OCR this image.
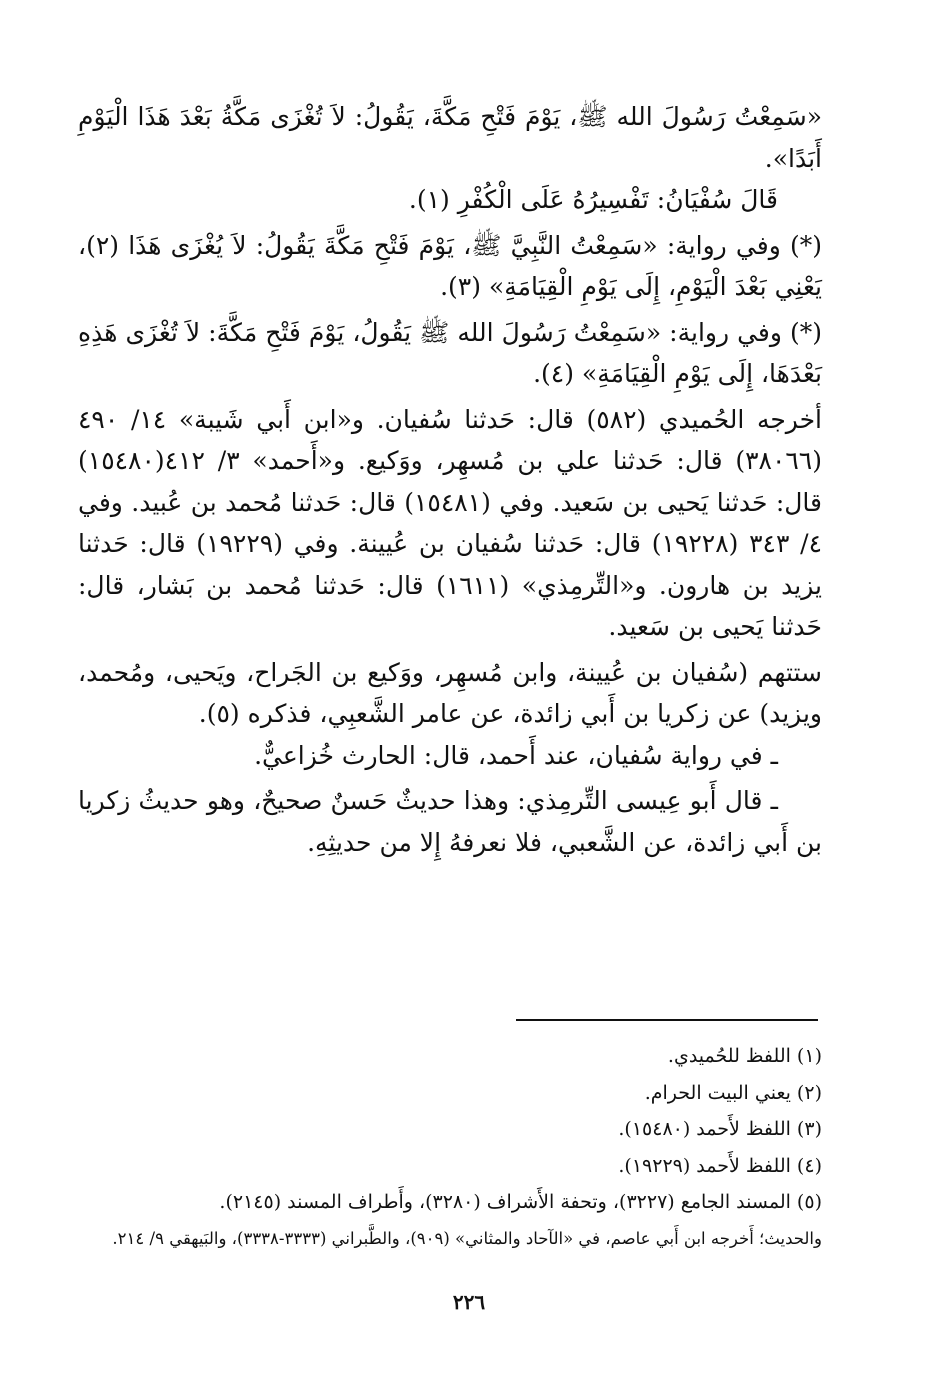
«سَمِعْتُ رَسُولَ الله ﷺ، يَوْمَ فَتْحِ مَكَّةَ، يَقُولُ: لاَ تُغْزَى مَكَّةُ بَعْدَ هَذَا الْيَوْمِ أَبَدًا».

قَالَ سُفْيَانُ: تَفْسِيرُهُ عَلَى الْكُفْرِ (١).

(*) وفي رواية: «سَمِعْتُ النَّبِيَّ ﷺ، يَوْمَ فَتْحِ مَكَّةَ يَقُولُ: لاَ يُغْزَى هَذَا (٢)، يَعْنِي بَعْدَ الْيَوْمِ، إِلَى يَوْمِ الْقِيَامَةِ» (٣).

(*) وفي رواية: «سَمِعْتُ رَسُولَ الله ﷺ يَقُولُ، يَوْمَ فَتْحِ مَكَّةَ: لاَ تُغْزَى هَذِهِ بَعْدَهَا، إِلَى يَوْمِ الْقِيَامَةِ» (٤).

أخرجه الحُميدي (٥٨٢) قال: حَدثنا سُفيان. و«ابن أَبي شَيبة» ١٤/ ٤٩٠ (٣٨٠٦٦) قال: حَدثنا علي بن مُسهِر، ووَكيع. و«أَحمد» ٣/ ٤١٢(١٥٤٨٠) قال: حَدثنا يَحيى بن سَعيد. وفي (١٥٤٨١) قال: حَدثنا مُحمد بن عُبيد. وفي ٤/ ٣٤٣ (١٩٢٢٨) قال: حَدثنا سُفيان بن عُيينة. وفي (١٩٢٢٩) قال: حَدثنا يزيد بن هارون. و«التِّرمِذي» (١٦١١) قال: حَدثنا مُحمد بن بَشار، قال: حَدثنا يَحيى بن سَعيد.

ستتهم (سُفيان بن عُيينة، وابن مُسهِر، ووَكيع بن الجَراح، ويَحيى، ومُحمد، ويزيد) عن زكريا بن أَبي زائدة، عن عامر الشَّعبِي، فذكره (٥).

ـ في رواية سُفيان، عند أَحمد، قال: الحارث خُزاعيٌّ.

ـ قال أَبو عِيسى التِّرمِذي: وهذا حديثٌ حَسنٌ صحيحٌ، وهو حديثُ زكريا بن أَبي زائدة، عن الشَّعبي، فلا نعرفهُ إِلا من حديثِهِ.

(١) اللفظ للحُميدي.

(٢) يعني البيت الحرام.

(٣) اللفظ لأَحمد (١٥٤٨٠).

(٤) اللفظ لأَحمد (١٩٢٢٩).

(٥) المسند الجامع (٣٢٢٧)، وتحفة الأَشراف (٣٢٨٠)، وأَطراف المسند (٢١٤٥).

والحديث؛ أَخرجه ابن أَبي عاصم، في «الآحاد والمثاني» (٩٠٩)، والطَّبراني (٣٣٣٣-٣٣٣٨)، والبَيهقي ٩/ ٢١٤.

٢٢٦
